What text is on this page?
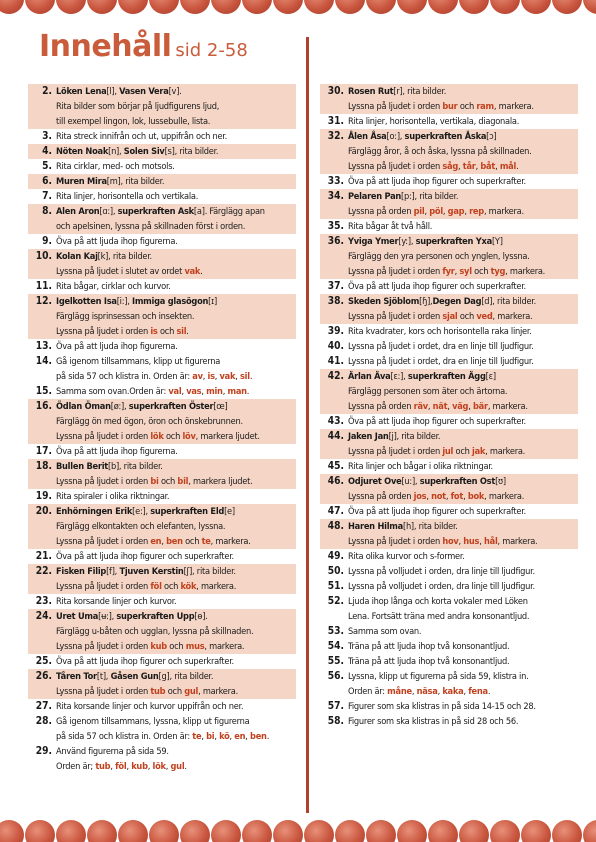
Innehåll sid 2-58
2. Löken Lena[l], Vasen Vera[v].
Rita bilder som börjar på ljudfigurens ljud,
till exempel lingon, lok, lussebulle, lista.
3. Rita streck innifrån och ut, uppifrån och ner.
4. Nöten Noak[n], Solen Siv[s], rita bilder.
5. Rita cirklar, med- och motsols.
6. Muren Mira[m], rita bilder.
7. Rita linjer, horisontella och vertikala.
8. Alen Aron[ɑ:], superkraften Ask[a]. Färglägg apan
och apelsinen, lyssna på skillnaden först i orden.
9. Öva på att ljuda ihop figurerna.
10. Kolan Kaj[k], rita bilder.
Lyssna på ljudet i slutet av ordet vak.
11. Rita bågar, cirklar och kurvor.
12. Igelkotten Isa[i:], Immiga glasögon[ɪ]
Färglägg isprinsessan och insekten.
Lyssna på ljudet i orden is och sil.
13. Öva på att ljuda ihop figurerna.
14. Gå igenom tillsammans, klipp ut figurerna
på sida 57 och klistra in. Orden är: av, is, vak, sil.
15. Samma som ovan.Orden är: val, vas, min, man.
16. Ödlan Öman[ø:], superkraften Öster[œ]
Färglägg ön med ögon, öron och önskebrunnen.
Lyssna på ljudet i orden lök och löv, markera ljudet.
17. Öva på att ljuda ihop figurerna.
18. Bullen Berit[b], rita bilder.
Lyssna på ljudet i orden bi och bil, markera ljudet.
19. Rita spiraler i olika riktningar.
20. Enhörningen Erik[e:], superkraften Eld[e]
Färglägg elkontakten och elefanten, lyssna.
Lyssna på ljudet i orden en, ben och te, markera.
21. Öva på att ljuda ihop figurer och superkrafter.
22. Fisken Filip[f], Tjuven Kerstin[ʃ], rita bilder.
Lyssna på ljudet i orden föl och kök, markera.
23. Rita korsande linjer och kurvor.
24. Uret Uma[ʉ:], superkraften Upp[ɵ].
Färglägg u-båten och ugglan, lyssna på skillnaden.
Lyssna på ljudet i orden kub och mus, markera.
25. Öva på att ljuda ihop figurer och superkrafter.
26. Tåren Tor[t], Gåsen Gun[g], rita bilder.
Lyssna på ljudet i orden tub och gul, markera.
27. Rita korsande linjer och kurvor uppifrån och ner.
28. Gå igenom tillsammans, lyssna, klipp ut figurerna
på sida 57 och klistra in. Orden är: te, bi, kö, en, ben.
29. Använd figurerna på sida 59.
Orden är; tub, föl, kub, lök, gul.
30. Rosen Rut[r], rita bilder.
Lyssna på ljudet i orden bur och ram, markera.
31. Rita linjer, horisontella, vertikala, diagonala.
32. Ålen Åsa[o:], superkraften Åska[ɔ]
Färglägg åror, å och åska, lyssna på skillnaden.
Lyssna på ljudet i orden såg, tår, båt, mål.
33. Öva på att ljuda ihop figurer och superkrafter.
34. Pelaren Pan[p:], rita bilder.
Lyssna på orden pil, pöl, gap, rep, markera.
35. Rita bågar åt två håll.
36. Yviga Ymer[y:], superkraften Yxa[Y]
Färglägg den yra personen och ynglen, lyssna.
Lyssna på ljudet i orden fyr, syl och tyg, markera.
37. Öva på att ljuda ihop figurer och superkrafter.
38. Skeden Sjöblom[ɧ],Degen Dag[d], rita bilder.
Lyssna på ljudet i orden sjal och ved, markera.
39. Rita kvadrater, kors och horisontella raka linjer.
40. Lyssna på ljudet i ordet, dra en linje till ljudfigur.
41. Lyssna på ljudet i ordet, dra en linje till ljudfigur.
42. Ärlan Äva[ɛ:], superkraften Ägg[ɛ]
Färglägg personen som äter och ärtorna.
Lyssna på orden räv, nät, väg, bär, markera.
43. Öva på att ljuda ihop figurer och superkrafter.
44. Jaken Jan[j], rita bilder.
Lyssna på ljudet i orden jul och jak, markera.
45. Rita linjer och bågar i olika riktningar.
46. Odjuret Ove[u:], superkraften Ost[ʊ]
Lyssna på orden jos, not, fot, bok, markera.
47. Öva på att ljuda ihop figurer och superkrafter.
48. Haren Hilma[h], rita bilder.
Lyssna på ljudet i orden hov, hus, hål, markera.
49. Rita olika kurvor och s-former.
50. Lyssna på volljudet i orden, dra linje till ljudfigur.
51. Lyssna på volljudet i orden, dra linje till ljudfigur.
52. Ljuda ihop långa och korta vokaler med Löken
Lena. Fortsätt träna med andra konsonantljud.
53. Samma som ovan.
54. Träna på att ljuda ihop två konsonantljud.
55. Träna på att ljuda ihop två konsonantljud.
56. Lyssna, klipp ut figurerna på sida 59, klistra in.
Orden är: måne, näsa, kaka, fena.
57. Figurer som ska klistras in på sida 14-15 och 28.
58. Figurer som ska klistras in på sid 28 och 56.
